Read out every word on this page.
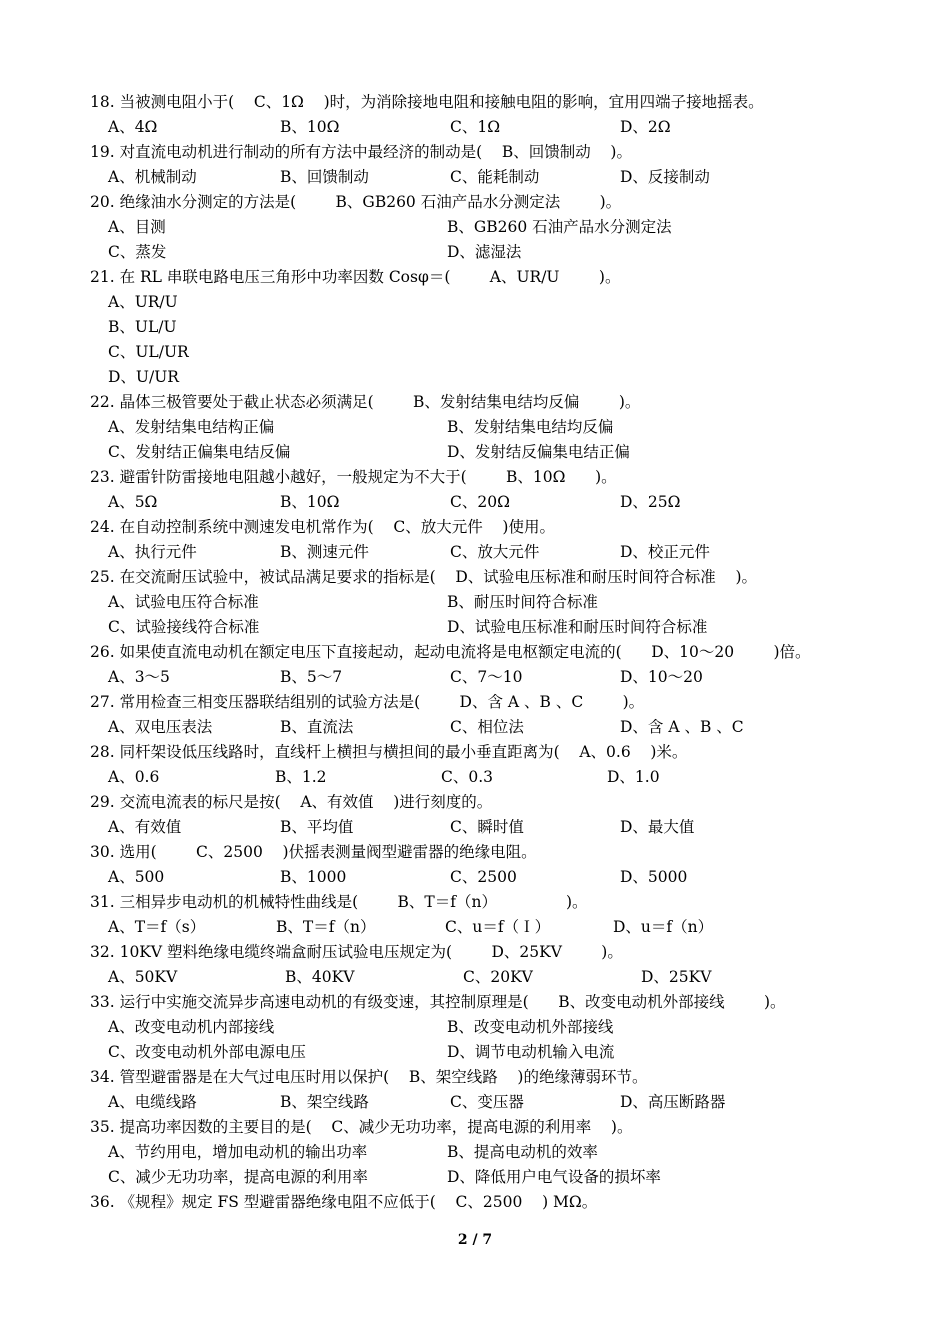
18. 当被测电阻小于(    C、1Ω    )时，为消除接地电阻和接触电阻的影响，宜用四端子接地摇表。

A、4Ω

	B、10Ω

	C、1Ω

	D、2Ω

19. 对直流电动机进行制动的所有方法中最经济的制动是(    B、回馈制动    )。

A、机械制动

	B、回馈制动

	C、能耗制动

	D、反接制动

20. 绝缘油水分测定的方法是(        B、GB260 石油产品水分测定法        )。

A、目测

	B、GB260 石油产品水分测定法

C、蒸发

	D、滤湿法

21. 在 RL 串联电路电压三角形中功率因数 Cosφ＝(        A、UR/U        )。

A、UR/U

B、UL/U

C、UL/UR

D、U/UR

22. 晶体三极管要处于截止状态必须满足(        B、发射结集电结均反偏        )。

A、发射结集电结构正偏

	B、发射结集电结均反偏

C、发射结正偏集电结反偏

	D、发射结反偏集电结正偏

23. 避雷针防雷接地电阻越小越好，一般规定为不大于(        B、10Ω      )。

A、5Ω

	B、10Ω

	C、20Ω

	D、25Ω

24. 在自动控制系统中测速发电机常作为(    C、放大元件    )使用。

A、执行元件

	B、测速元件

	C、放大元件

	D、校正元件

25. 在交流耐压试验中，被试品满足要求的指标是(    D、试验电压标准和耐压时间符合标准    )。

A、试验电压符合标准

	B、耐压时间符合标准

C、试验接线符合标准

	D、试验电压标准和耐压时间符合标准

26. 如果使直流电动机在额定电压下直接起动，起动电流将是电枢额定电流的(      D、10～20        )倍。

A、3～5

	B、5～7

	C、7～10

	D、10～20

27. 常用检查三相变压器联结组别的试验方法是(        D、含 A 、B 、C        )。

A、双电压表法

	B、直流法

	C、相位法

	D、含 A 、B 、C

28. 同杆架设低压线路时，直线杆上横担与横担间的最小垂直距离为(    A、0.6    )米。

A、0.6

	B、1.2

	C、0.3

	D、1.0

29. 交流电流表的标尺是按(    A、有效值    )进行刻度的。

A、有效值

	B、平均值

	C、瞬时值

	D、最大值

30. 选用(        C、2500    )伏摇表测量阀型避雷器的绝缘电阻。

A、500

	B、1000

	C、2500

	D、5000

31. 三相异步电动机的机械特性曲线是(        B、T＝f（n）              )。

A、T＝f（s）

	B、T＝f（n）

	C、u＝f（Ｉ）

	D、u＝f（n）

32. 10KV 塑料绝缘电缆终端盒耐压试验电压规定为(        D、25KV        )。

A、50KV

	B、40KV

	C、20KV

	D、25KV

33. 运行中实施交流异步高速电动机的有级变速，其控制原理是(      B、改变电动机外部接线        )。

A、改变电动机内部接线

	B、改变电动机外部接线

C、改变电动机外部电源电压

	D、调节电动机输入电流

34. 管型避雷器是在大气过电压时用以保护(    B、架空线路    )的绝缘薄弱环节。

A、电缆线路

	B、架空线路

	C、变压器

	D、高压断路器

35. 提高功率因数的主要目的是(    C、减少无功功率，提高电源的利用率    )。

A、节约用电，增加电动机的输出功率

	B、提高电动机的效率

C、减少无功功率，提高电源的利用率

	D、降低用户电气设备的损坏率

36. 《规程》规定 FS 型避雷器绝缘电阻不应低于(    C、2500    ) MΩ。

2 / 7
